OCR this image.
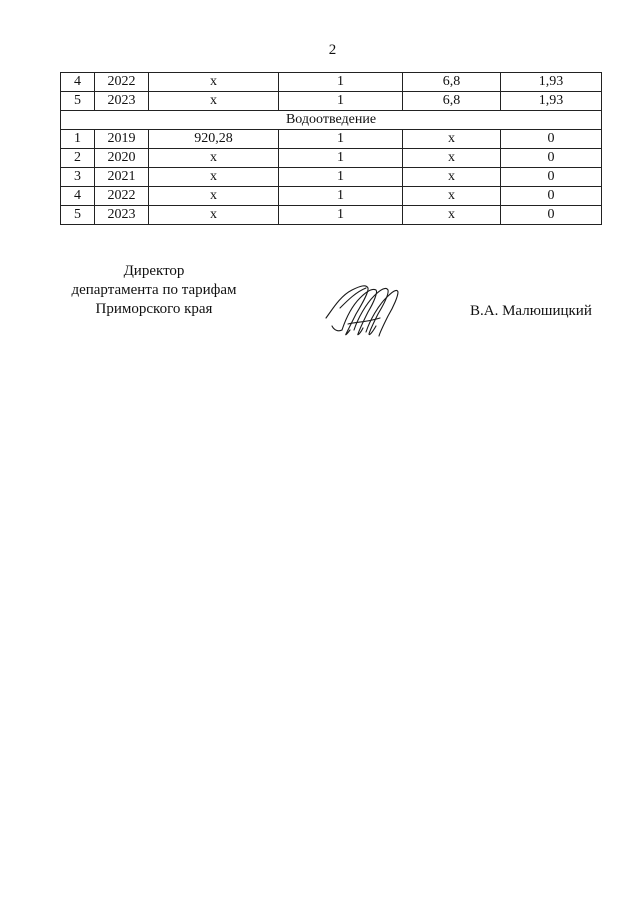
2
4	2022	x	1	6,8	1,93
5	2023	x	1	6,8	1,93
Водоотведение					
1	2019	920,28	1	x	0
2	2020	x	1	x	0
3	2021	x	1	x	0
4	2022	x	1	x	0
5	2023	x	1	x	0
Директор
департамента по тарифам
Приморского края	В.А. Малюшицкий
